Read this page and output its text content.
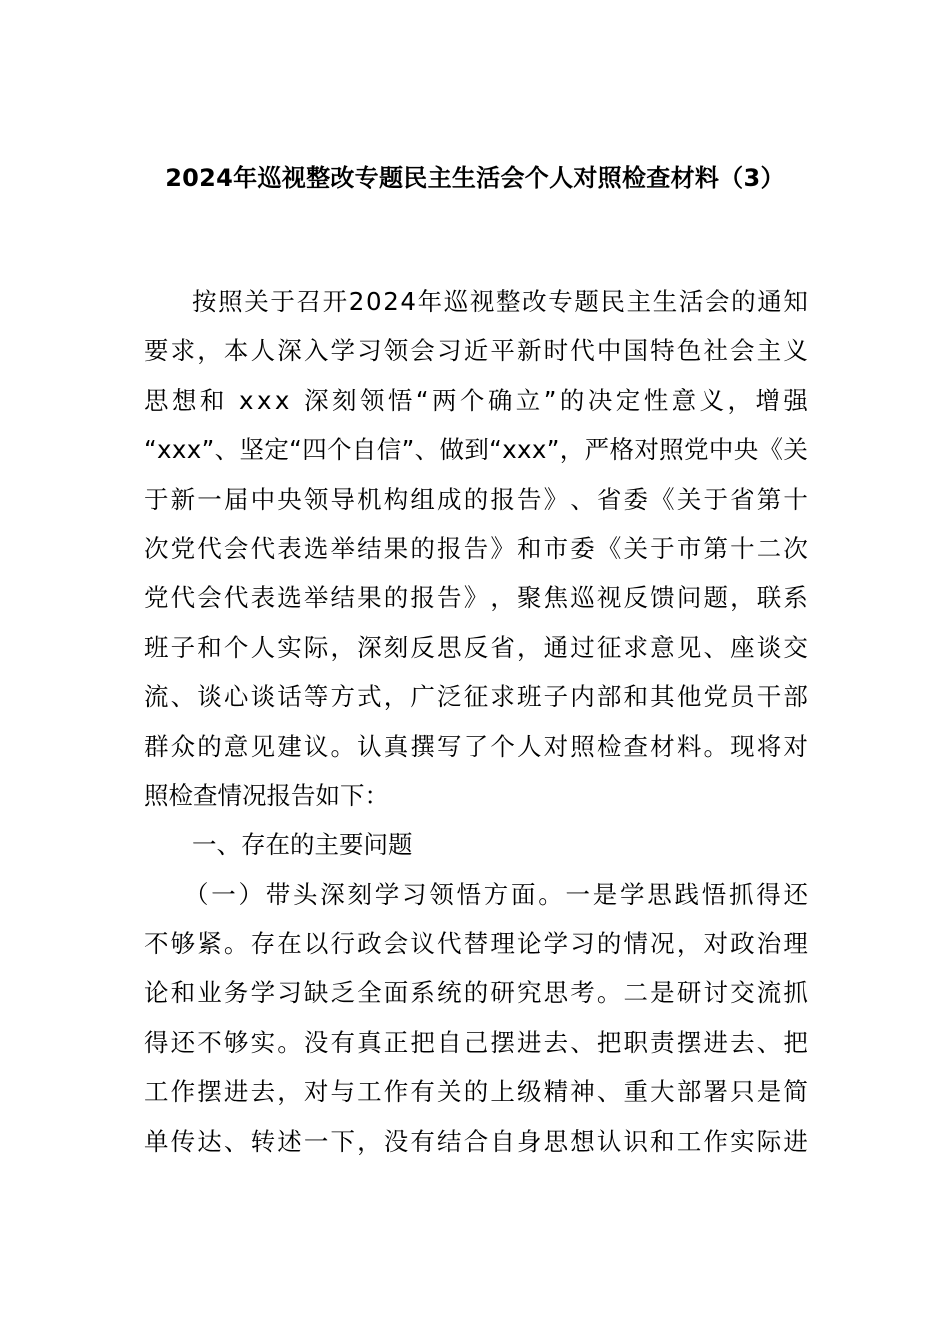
2024年巡视整改专题民主生活会个人对照检查材料（3）
按 照 关 于 召 开 2 0 2 4 年 巡 视 整 改 专 题 民 主 生 活 会 的 通 知
要 求 ， 本 人 深 入 学 习 领 会 习 近 平 新 时 代 中 国 特 色 社 会 主 义
思 想 和
x x x
深 刻 领 悟 “ 两 个 确 立 ” 的 决 定 性 意 义 ， 增 强
“ x x x ” 、 坚 定 “ 四 个 自 信 ” 、 做 到 “ x x x ” ， 严 格 对 照 党 中 央 《 关
于 新 一 届 中 央 领 导 机 构 组 成 的 报 告 》 、 省 委 《 关 于 省 第 十
次 党 代 会 代 表 选 举 结 果 的 报 告 》 和 市 委 《 关 于 市 第 十 二 次
党 代 会 代 表 选 举 结 果 的 报 告 》 ， 聚 焦 巡 视 反 馈 问 题 ， 联 系
班 子 和 个 人 实 际 ， 深 刻 反 思 反 省 ， 通 过 征 求 意 见 、 座 谈 交
流 、 谈 心 谈 话 等 方 式 ， 广 泛 征 求 班 子 内 部 和 其 他 党 员 干 部
群 众 的 意 见 建 议 。 认 真 撰 写 了 个 人 对 照 检 查 材 料 。 现 将 对
照检查情况报告如下：
一、存在的主要问题
（ 一 ） 带 头 深 刻 学 习 领 悟 方 面 。 一 是 学 思 践 悟 抓 得 还
不 够 紧 。 存 在 以 行 政 会 议 代 替 理 论 学 习 的 情 况 ， 对 政 治 理
论 和 业 务 学 习 缺 乏 全 面 系 统 的 研 究 思 考 。 二 是 研 讨 交 流 抓
得 还 不 够 实 。 没 有 真 正 把 自 己 摆 进 去 、 把 职 责 摆 进 去 、 把
工 作 摆 进 去 ， 对 与 工 作 有 关 的 上 级 精 神 、 重 大 部 署 只 是 简
单 传 达 、 转 述 一 下 ， 没 有 结 合 自 身 思 想 认 识 和 工 作 实 际 进
